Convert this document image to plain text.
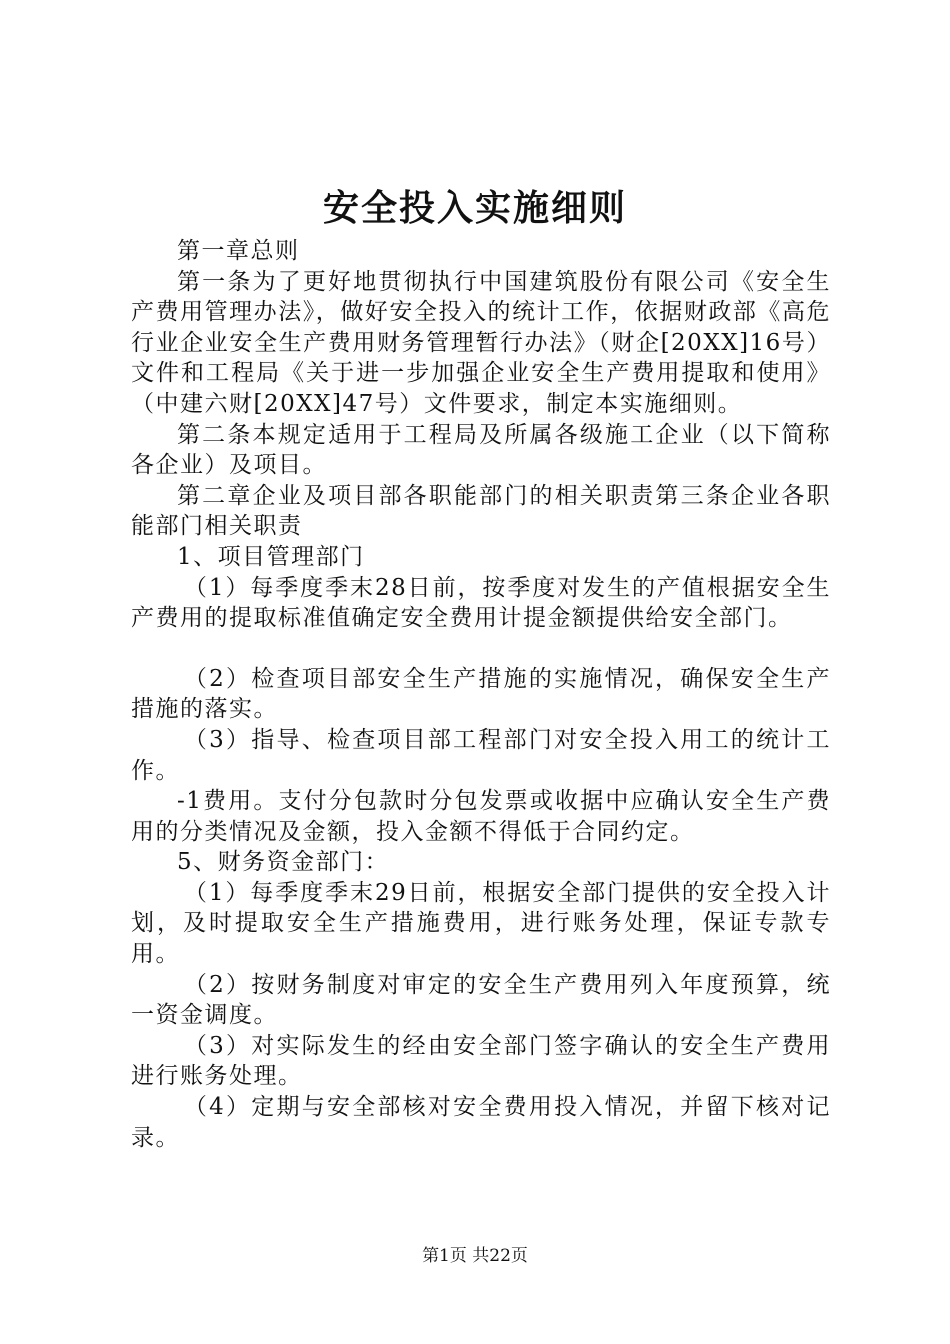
安全投入实施细则

第一章总则

第一条为了更好地贯彻执行中国建筑股份有限公司《安全生产费用管理办法》，做好安全投入的统计工作，依据财政部《高危行业企业安全生产费用财务管理暂行办法》（财企[20XX]16号）文件和工程局《关于进一步加强企业安全生产费用提取和使用》（中建六财[20XX]47号）文件要求，制定本实施细则。

第二条本规定适用于工程局及所属各级施工企业（以下简称各企业）及项目。

第二章企业及项目部各职能部门的相关职责第三条企业各职能部门相关职责

1、项目管理部门

（1）每季度季末28日前，按季度对发生的产值根据安全生产费用的提取标准值确定安全费用计提金额提供给安全部门。

（2）检查项目部安全生产措施的实施情况，确保安全生产措施的落实。

（3）指导、检查项目部工程部门对安全投入用工的统计工作。

-1费用。支付分包款时分包发票或收据中应确认安全生产费用的分类情况及金额，投入金额不得低于合同约定。

5、财务资金部门：

（1）每季度季末29日前，根据安全部门提供的安全投入计划，及时提取安全生产措施费用，进行账务处理，保证专款专用。

（2）按财务制度对审定的安全生产费用列入年度预算，统一资金调度。

（3）对实际发生的经由安全部门签字确认的安全生产费用进行账务处理。

（4）定期与安全部核对安全费用投入情况，并留下核对记录。

第1页 共22页
